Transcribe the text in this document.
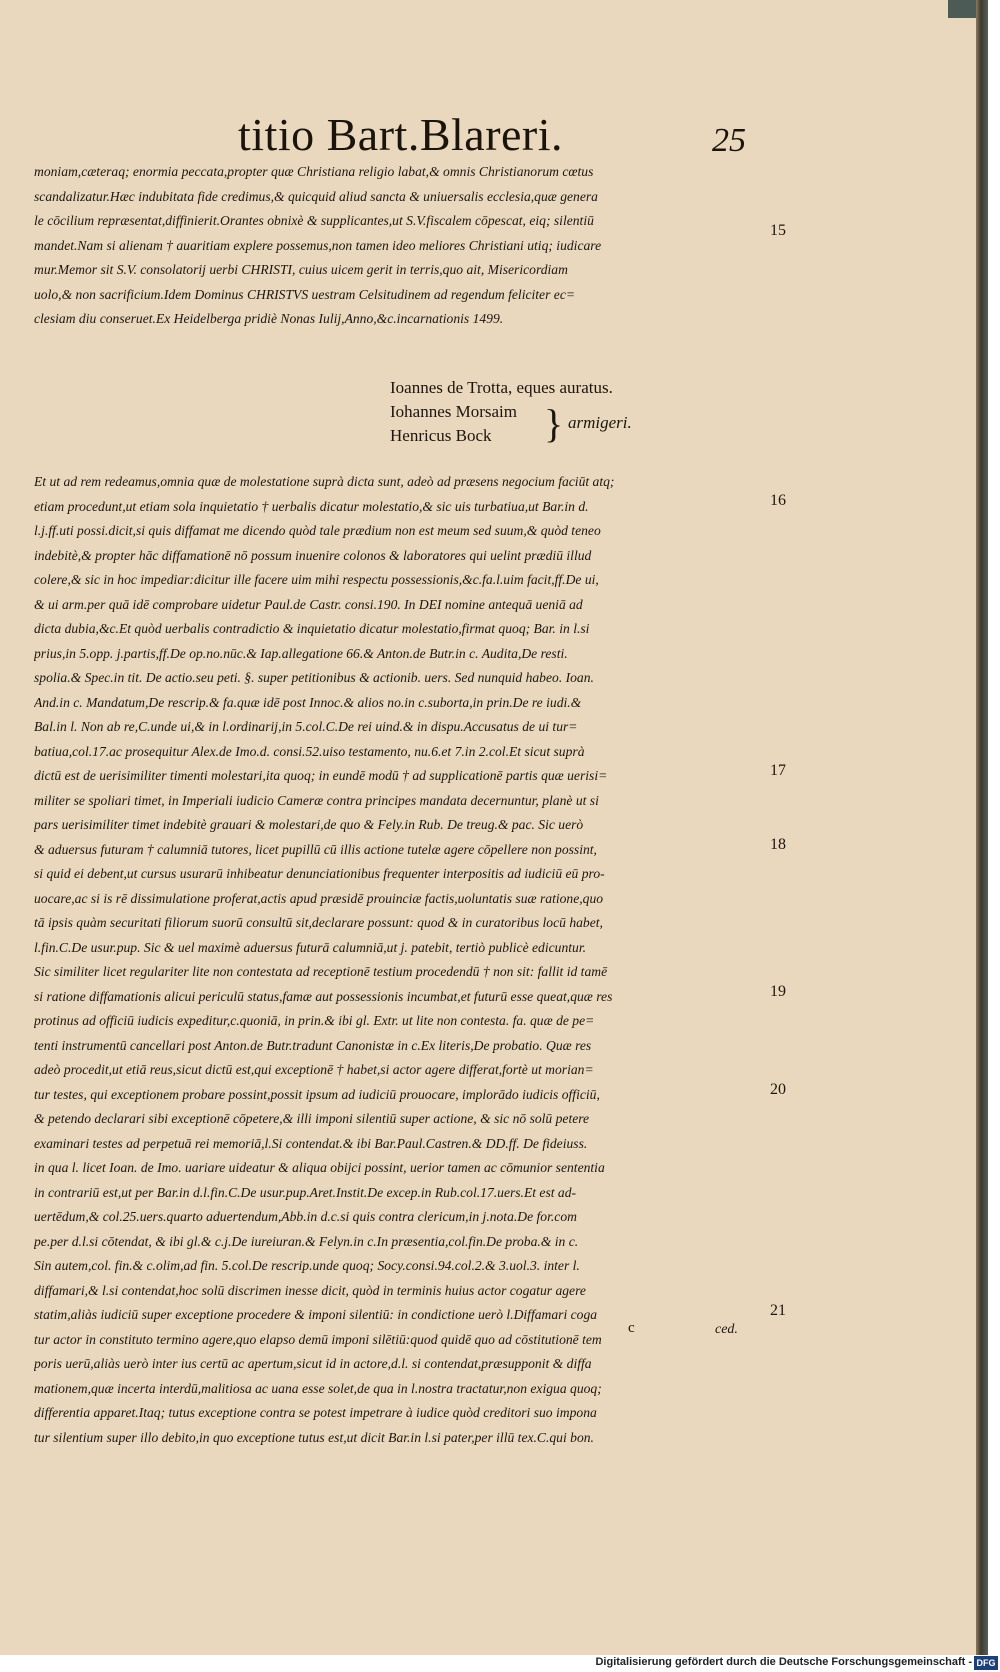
titio Bart.Blareri.	25
moniam,cæteraq; enormia peccata,propter quæ Christiana religio labat,& omnis Christianorum cœtus
scandalizatur.Hæc indubitata fide credimus,& quicquid aliud sancta & uniuersalis ecclesia,quæ genera
le cōcilium repræsentat,diffinierit.Orantes obnixè & supplicantes,ut S.V.fiscalem cōpescat, eiq; silentiū
mandet.Nam si alienam † auaritiam explere possemus,non tamen ideo meliores Christiani utiq; iudicare
mur.Memor sit S.V. consolatorij uerbi CHRISTI, cuius uicem gerit in terris,quo ait, Misericordiam
uolo,& non sacrificium.Idem Dominus CHRISTVS uestram Celsitudinem ad regendum feliciter ec=
clesiam diu conseruet.Ex Heidelberga pridiè Nonas Iulij,Anno,&c.incarnationis 1499.
15
Ioannes de Trotta, eques auratus.
Iohannes Morsaim
Henricus Bock	} armigeri.
Et ut ad rem redeamus,omnia quæ de molestatione suprà dicta sunt, adeò ad præsens negocium faciūt atq;
etiam procedunt,ut etiam sola inquietatio † uerbalis dicatur molestatio,& sic uis turbatiua,ut Bar.in d.
l.j.ff.uti possi.dicit,si quis diffamat me dicendo quòd tale prædium non est meum sed suum,& quòd teneo
indebitè,& propter hāc diffamationē nō possum inuenire colonos & laboratores qui uelint prædiū illud
colere,& sic in hoc impediar:dicitur ille facere uim mihi respectu possessionis,&c.fa.l.uim facit,ff.De ui,
& ui arm.per quā idē comprobare uidetur Paul.de Castr. consi.190. In DEI nomine antequā ueniā ad
dicta dubia,&c.Et quòd uerbalis contradictio & inquietatio dicatur molestatio,firmat quoq; Bar. in l.si
prius,in 5.opp. j.partis,ff.De op.no.nūc.& Iap.allegatione 66.& Anton.de Butr.in c. Audita,De resti.
spolia.& Spec.in tit. De actio.seu peti. §. super petitionibus & actionib. uers. Sed nunquid habeo. Ioan.
And.in c. Mandatum,De rescrip.& fa.quæ idē post Innoc.& alios no.in c.suborta,in prin.De re iudi.&
Bal.in l. Non ab re,C.unde ui,& in l.ordinarij,in 5.col.C.De rei uind.& in dispu.Accusatus de ui tur=
batiua,col.17.ac prosequitur Alex.de Imo.d. consi.52.uiso testamento, nu.6.et 7.in 2.col.Et sicut suprà
dictū est de uerisimiliter timenti molestari,ita quoq; in eundē modū † ad supplicationē partis quæ uerisi=
militer se spoliari timet, in Imperiali iudicio Cameræ contra principes mandata decernuntur, planè ut si
pars uerisimiliter timet indebitè grauari & molestari,de quo & Fely.in Rub. De treug.& pac. Sic uerò
& aduersus futuram † calumniā tutores, licet pupillū cū illis actione tutelæ agere cōpellere non possint,
si quid ei debent,ut cursus usurarū inhibeatur denunciationibus frequenter interpositis ad iudiciū eū pro-
uocare,ac si is rē dissimulatione proferat,actis apud præsidē prouinciæ factis,uoluntatis suæ ratione,quo
tā ipsis quàm securitati filiorum suorū consultū sit,declarare possunt: quod & in curatoribus locū habet,
l.fin.C.De usur.pup. Sic & uel maximè aduersus futurā calumniā,ut j. patebit, tertiò publicè edicuntur.
Sic similiter licet regulariter lite non contestata ad receptionē testium procedendū † non sit: fallit id tamē
si ratione diffamationis alicui periculū status,famæ aut possessionis incumbat,et futurū esse queat,quæ res
protinus ad officiū iudicis expeditur,c.quoniā, in prin.& ibi gl. Extr. ut lite non contesta. fa. quæ de pe=
tenti instrumentū cancellari post Anton.de Butr.tradunt Canonistæ in c.Ex literis,De probatio. Quæ res
adeò procedit,ut etiā reus,sicut dictū est,qui exceptionē † habet,si actor agere differat,fortè ut morian=
tur testes, qui exceptionem probare possint,possit ipsum ad iudiciū prouocare, implorādo iudicis officiū,
& petendo declarari sibi exceptionē cōpetere,& illi imponi silentiū super actione, & sic nō solū petere
examinari testes ad perpetuā rei memoriā,l.Si contendat.& ibi Bar.Paul.Castren.& DD.ff. De fideiuss.
in qua l. licet Ioan. de Imo. uariare uideatur & aliqua obijci possint, uerior tamen ac cōmunior sententia
in contrariū est,ut per Bar.in d.l.fin.C.De usur.pup.Aret.Instit.De excep.in Rub.col.17.uers.Et est ad-
uertēdum,& col.25.uers.quarto aduertendum,Abb.in d.c.si quis contra clericum,in j.nota.De for.com
pe.per d.l.si cōtendat, & ibi gl.& c.j.De iureiuran.& Felyn.in c.In præsentia,col.fin.De proba.& in c.
Sin autem,col. fin.& c.olim,ad fin. 5.col.De rescrip.unde quoq; Socy.consi.94.col.2.& 3.uol.3. inter l.
diffamari,& l.si contendat,hoc solū discrimen inesse dicit, quòd in terminis huius actor cogatur agere
statim,aliàs iudiciū super exceptione procedere & imponi silentiū: in condictione uerò l.Diffamari coga
tur actor in constituto termino agere,quo elapso demū imponi silētiū:quod quidē quo ad cōstitutionē tem
poris uerū,aliàs uerò inter ius certū ac apertum,sicut id in actore,d.l. si contendat,præsupponit & diffa
mationem,quæ incerta interdū,malitiosa ac uana esse solet,de qua in l.nostra tractatur,non exigua quoq;
differentia apparet.Itaq; tutus exceptione contra se potest impetrare à iudice quòd creditori suo impona
tur silentium super illo debito,in quo exceptione tutus est,ut dicit Bar.in l.si pater,per illū tex.C.qui bon.
16
17
18
19
20
21
c	ced.
Digitalisierung gefördert durch die Deutsche Forschungsgemeinschaft - DFG
